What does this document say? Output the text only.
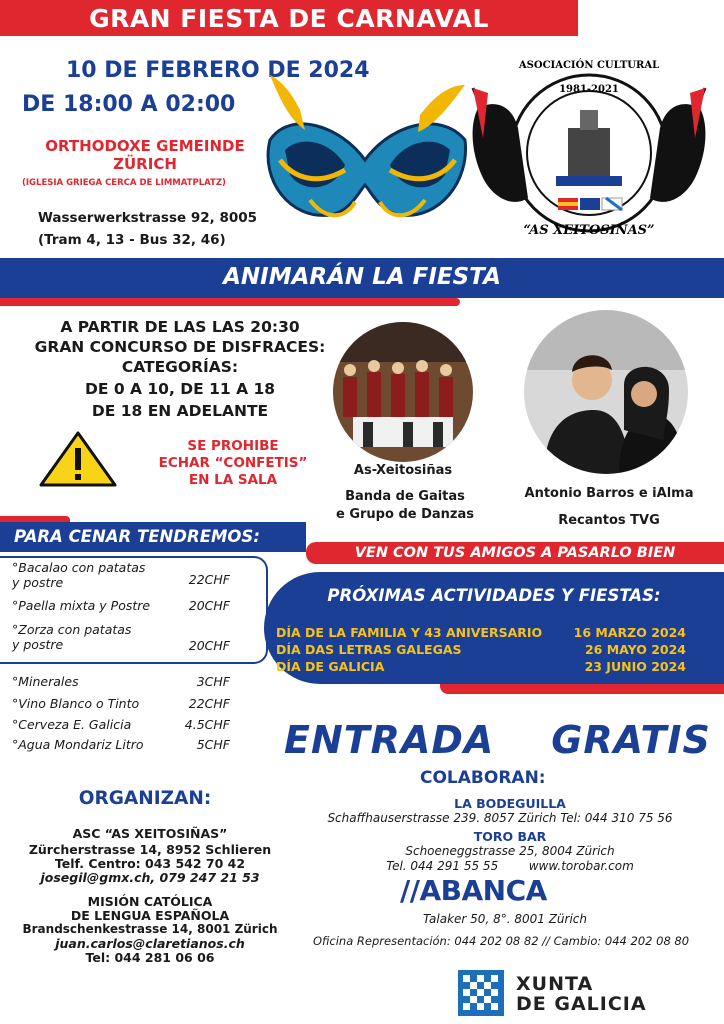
GRAN FIESTA DE CARNAVAL
10 DE FEBRERO DE 2024
DE 18:00 A 02:00
ORTHODOXE GEMEINDE
ZÜRICH
(IGLESIA GRIEGA CERCA DE LIMMATPLATZ)
Wasserwerkstrasse 92, 8005
(Tram 4, 13 - Bus 32, 46)
ASOCIACIÓN CULTURAL
1981-2021
“AS XEITOSIÑAS”
ANIMARÁN LA FIESTA
A PARTIR DE LAS LAS 20:30
GRAN CONCURSO DE DISFRACES:
CATEGORÍAS:
DE 0 A 10, DE 11 A 18
DE 18 EN ADELANTE
SE PROHIBE
ECHAR “CONFETIS”
EN LA SALA
As-Xeitosiñas
Banda de Gaitas
e Grupo de Danzas
Antonio Barros e iAlma
Recantos TVG
PARA CENAR TENDREMOS:
VEN CON TUS AMIGOS A PASARLO BIEN
°Bacalao con patatas
y postre	22CHF
°Paella mixta y Postre	20CHF
°Zorza con patatas
y postre	20CHF
°Minerales	3CHF
°Vino Blanco o Tinto	22CHF
°Cerveza E. Galicia	4.5CHF
°Agua Mondariz Litro	5CHF
PRÓXIMAS ACTIVIDADES Y FIESTAS:
DÍA DE LA FAMILIA Y 43 ANIVERSARIO	16 MARZO 2024
DÍA DAS LETRAS GALEGAS	26 MAYO 2024
DÍA DE GALICIA	23 JUNIO 2024
ENTRADA    GRATIS
COLABORAN:
LA BODEGUILLA
Schaffhauserstrasse 239. 8057 Zürich Tel: 044 310 75 56
TORO BAR
Schoeneggstrasse 25, 8004 Zürich
Tel. 044 291 55 55        www.torobar.com
//ABANCA
Talaker 50, 8°. 8001 Zürich
Oficina Representación: 044 202 08 82 // Cambio: 044 202 08 80
XUNTA
DE GALICIA
ORGANIZAN:
ASC “AS XEITOSIÑAS”
Zürcherstrasse 14, 8952 Schlieren
Telf. Centro: 043 542 70 42
josegil@gmx.ch, 079 247 21 53
MISIÓN CATÓLICA
DE LENGUA ESPAÑOLA
Brandschenkestrasse 14, 8001 Zürich
juan.carlos@claretianos.ch
Tel: 044 281 06 06
